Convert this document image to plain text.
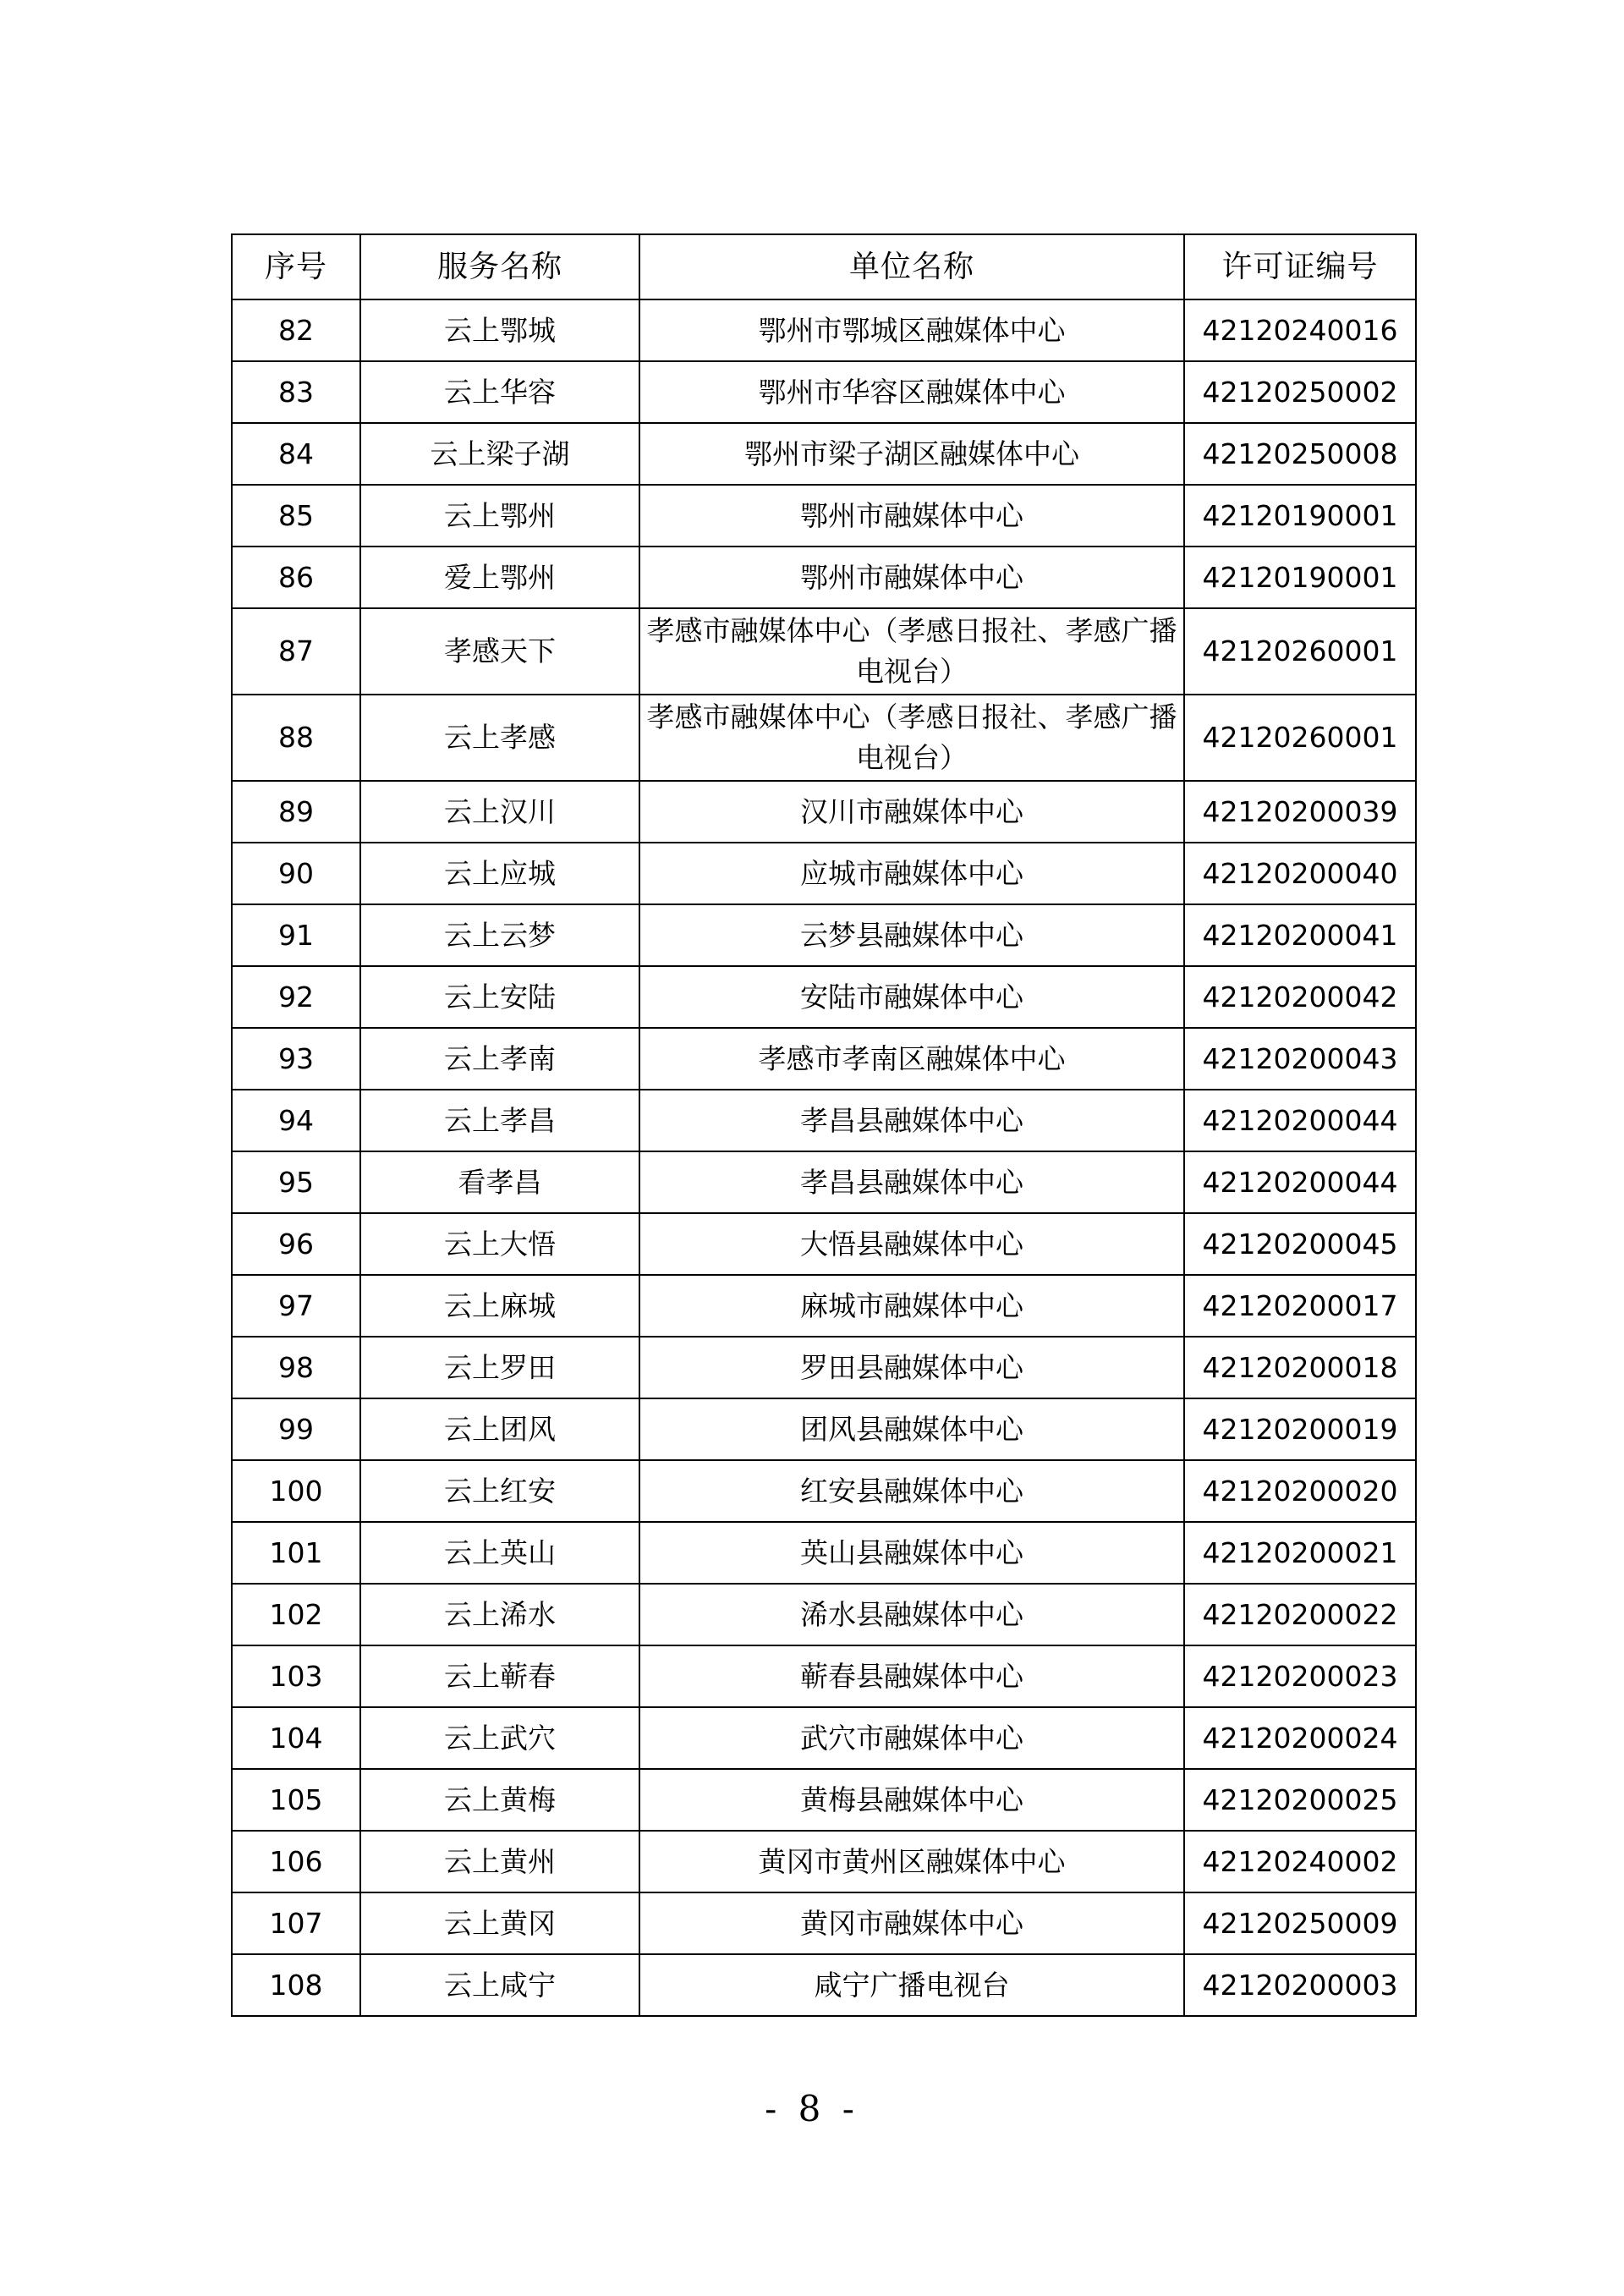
序号	服务名称	单位名称	许可证编号
82	云上鄂城	鄂州市鄂城区融媒体中心	42120240016
83	云上华容	鄂州市华容区融媒体中心	42120250002
84	云上梁子湖	鄂州市梁子湖区融媒体中心	42120250008
85	云上鄂州	鄂州市融媒体中心	42120190001
86	爱上鄂州	鄂州市融媒体中心	42120190001
87	孝感天下	孝感市融媒体中心（孝感日报社、孝感广播电视台）	42120260001
88	云上孝感	孝感市融媒体中心（孝感日报社、孝感广播电视台）	42120260001
89	云上汉川	汉川市融媒体中心	42120200039
90	云上应城	应城市融媒体中心	42120200040
91	云上云梦	云梦县融媒体中心	42120200041
92	云上安陆	安陆市融媒体中心	42120200042
93	云上孝南	孝感市孝南区融媒体中心	42120200043
94	云上孝昌	孝昌县融媒体中心	42120200044
95	看孝昌	孝昌县融媒体中心	42120200044
96	云上大悟	大悟县融媒体中心	42120200045
97	云上麻城	麻城市融媒体中心	42120200017
98	云上罗田	罗田县融媒体中心	42120200018
99	云上团风	团风县融媒体中心	42120200019
100	云上红安	红安县融媒体中心	42120200020
101	云上英山	英山县融媒体中心	42120200021
102	云上浠水	浠水县融媒体中心	42120200022
103	云上蕲春	蕲春县融媒体中心	42120200023
104	云上武穴	武穴市融媒体中心	42120200024
105	云上黄梅	黄梅县融媒体中心	42120200025
106	云上黄州	黄冈市黄州区融媒体中心	42120240002
107	云上黄冈	黄冈市融媒体中心	42120250009
108	云上咸宁	咸宁广播电视台	42120200003
- 8 -
